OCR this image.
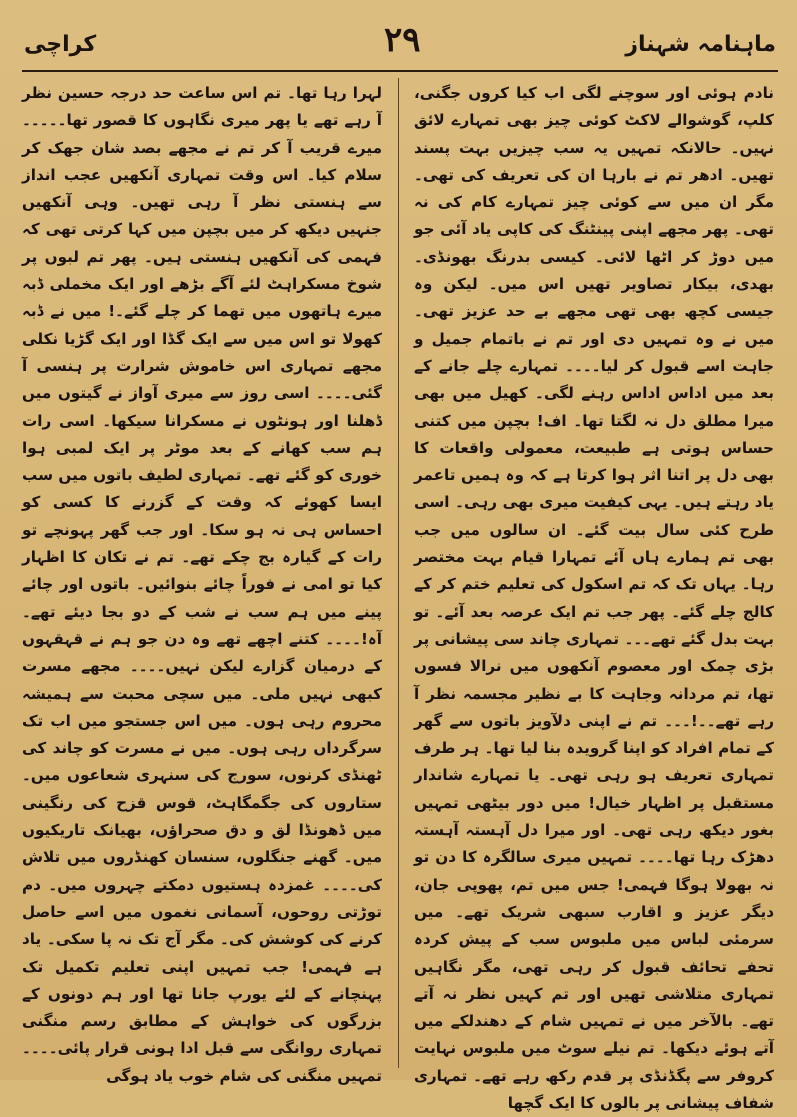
کراچی	۲۹	ماہنامہ شہناز

نادم ہوئی اور سوچنے لگی اب کیا کروں جگنی، کلپ، گوشوالے لاکٹ کوئی چیز بھی تمہارے لائق نہیں۔ حالانکہ تمہیں یہ سب چیزیں بہت پسند تھیں۔ ادھر تم نے بارہا ان کی تعریف کی تھی۔ مگر ان میں سے کوئی چیز تمہارے کام کی نہ تھی۔ پھر مجھے اپنی پینٹنگ کی کاپی یاد آئی جو میں دوڑ کر اٹھا لائی۔ کیسی بدرنگ بھونڈی۔ بھدی، بیکار تصاویر تھیں اس میں۔ لیکن وہ جیسی کچھ بھی تھی مجھے بے حد عزیز تھی۔ میں نے وہ تمہیں دی اور تم نے باتمام جمیل و جاہت اسے قبول کر لیا۔۔۔۔ تمہارے چلے جانے کے بعد میں اداس اداس رہنے لگی۔ کھیل میں بھی میرا مطلق دل نہ لگتا تھا۔ اف! بچپن میں کتنی حساس ہوتی ہے طبیعت، معمولی واقعات کا بھی دل پر اتنا اثر ہوا کرتا ہے کہ وہ ہمیں تاعمر یاد رہتے ہیں۔ یہی کیفیت میری بھی رہی۔ اسی طرح کئی سال بیت گئے۔ ان سالوں میں جب بھی تم ہمارے ہاں آئے تمہارا قیام بہت مختصر رہا۔ یہاں تک کہ تم اسکول کی تعلیم ختم کر کے کالج چلے گئے۔ پھر جب تم ایک عرصہ بعد آئے۔ تو بہت بدل گئے تھے۔۔۔ تمہاری چاند سی پیشانی پر بڑی چمک اور معصوم آنکھوں میں نرالا فسوں تھا، تم مردانہ وجاہت کا بے نظیر مجسمہ نظر آ رہے تھے۔۔!۔۔۔ تم نے اپنی دلآویز باتوں سے گھر کے تمام افراد کو اپنا گرویدہ بنا لیا تھا۔ ہر طرف تمہاری تعریف ہو رہی تھی۔ یا تمہارے شاندار مستقبل پر اظہار خیال! میں دور بیٹھی تمہیں بغور دیکھ رہی تھی۔ اور میرا دل آہستہ آہستہ دھڑک رہا تھا۔۔۔۔ تمہیں میری سالگرہ کا دن تو نہ بھولا ہوگا فہمی! جس میں تم، پھوپی جان، دیگر عزیز و اقارب سبھی شریک تھے۔ میں سرمئی لباس میں ملبوس سب کے پیش کردہ تحفے تحائف قبول کر رہی تھی، مگر نگاہیں تمہاری متلاشی تھیں اور تم کہیں نظر نہ آتے تھے۔ بالآخر میں نے تمہیں شام کے دھندلکے میں آتے ہوئے دیکھا۔ تم نیلے سوٹ میں ملبوس نہایت کروفر سے پگڈنڈی پر قدم رکھ رہے تھے۔ تمہاری شفاف پیشانی پر بالوں کا ایک گچھا

لہرا رہا تھا۔ تم اس ساعت حد درجہ حسین نظر آ رہے تھے یا پھر میری نگاہوں کا قصور تھا۔۔۔۔۔ میرے قریب آ کر تم نے مجھے بصد شان جھک کر سلام کیا۔ اس وقت تمہاری آنکھیں عجب انداز سے ہنستی نظر آ رہی تھیں۔ وہی آنکھیں جنہیں دیکھ کر میں بچپن میں کہا کرتی تھی کہ فہمی کی آنکھیں ہنستی ہیں۔ پھر تم لبوں پر شوخ مسکراہٹ لئے آگے بڑھے اور ایک مخملی ڈبہ میرے ہاتھوں میں تھما کر چلے گئے۔! میں نے ڈبہ کھولا تو اس میں سے ایک گڈا اور ایک گڑیا نکلی مجھے تمہاری اس خاموش شرارت پر ہنسی آ گئی۔۔۔۔ اسی روز سے میری آواز نے گیتوں میں ڈھلنا اور ہونٹوں نے مسکرانا سیکھا۔ اسی رات ہم سب کھانے کے بعد موٹر پر ایک لمبی ہوا خوری کو گئے تھے۔ تمہاری لطیف باتوں میں سب ایسا کھوئے کہ وقت کے گزرنے کا کسی کو احساس ہی نہ ہو سکا۔ اور جب گھر پہونچے تو رات کے گیارہ بج چکے تھے۔ تم نے تکان کا اظہار کیا تو امی نے فوراً چائے بنوائیں۔ باتوں اور چائے پینے میں ہم سب نے شب کے دو بجا دیئے تھے۔ آہ!۔۔۔۔ کتنے اچھے تھے وہ دن جو ہم نے قہقہوں کے درمیان گزارے لیکن نہیں۔۔۔۔ مجھے مسرت کبھی نہیں ملی۔ میں سچی محبت سے ہمیشہ محروم رہی ہوں۔ میں اس جستجو میں اب تک سرگرداں رہی ہوں۔ میں نے مسرت کو چاند کی ٹھنڈی کرنوں، سورج کی سنہری شعاعوں میں۔ ستاروں کی جگمگاہٹ، قوس قزح کی رنگینی میں ڈھونڈا لق و دق صحراؤں، بھیانک تاریکیوں میں۔ گھنے جنگلوں، سنسان کھنڈروں میں تلاش کی۔۔۔۔ غمزدہ ہستیوں دمکتے چہروں میں۔ دم توڑتی روحوں، آسمانی نغموں میں اسے حاصل کرنے کی کوشش کی۔ مگر آج تک نہ پا سکی۔ یاد ہے فہمی! جب تمہیں اپنی تعلیم تکمیل تک پہنچانے کے لئے یورپ جانا تھا اور ہم دونوں کے بزرگوں کی خواہش کے مطابق رسم منگنی تمہاری روانگی سے قبل ادا ہونی قرار پائی۔۔۔۔ تمہیں منگنی کی شام خوب یاد ہوگی
